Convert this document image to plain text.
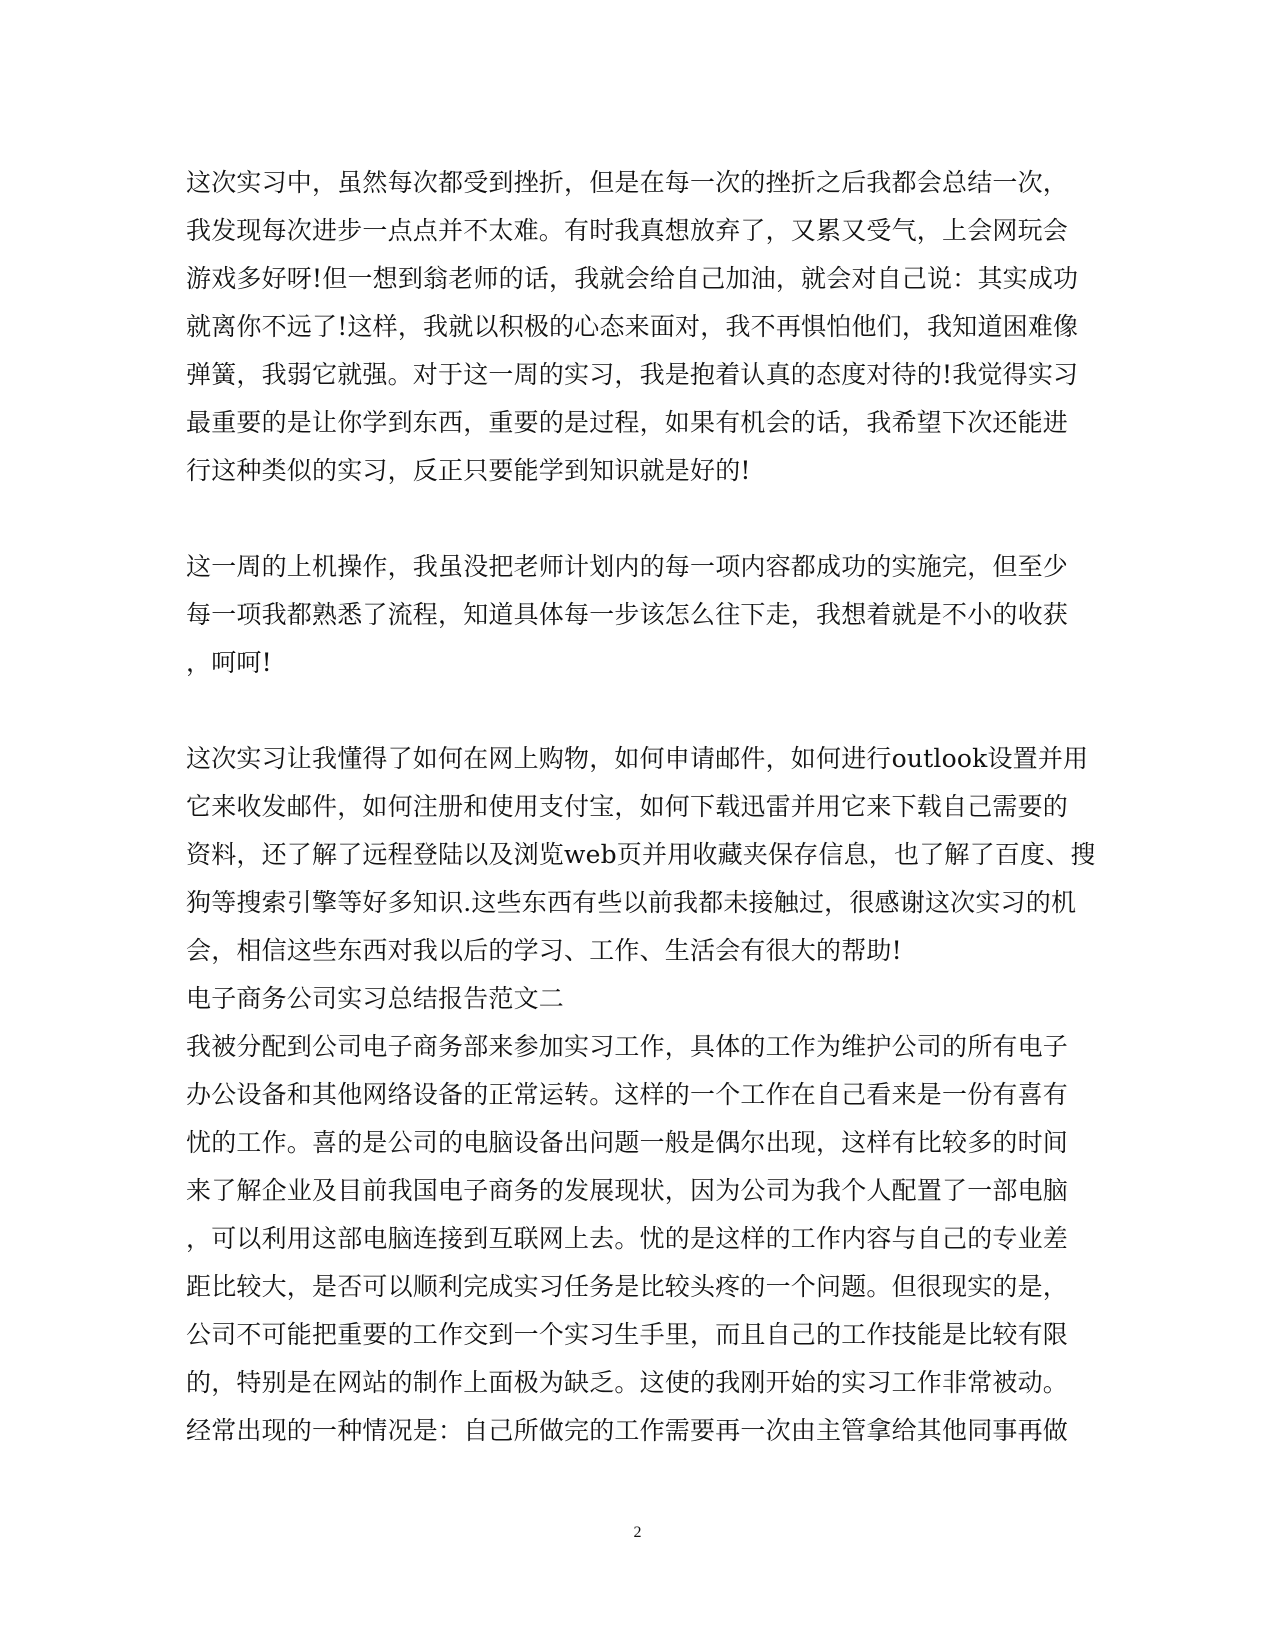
这次实习中，虽然每次都受到挫折，但是在每一次的挫折之后我都会总结一次，
我发现每次进步一点点并不太难。有时我真想放弃了，又累又受气，上会网玩会
游戏多好呀!但一想到翁老师的话，我就会给自己加油，就会对自己说：其实成功
就离你不远了!这样，我就以积极的心态来面对，我不再惧怕他们，我知道困难像
弹簧，我弱它就强。对于这一周的实习，我是抱着认真的态度对待的!我觉得实习
最重要的是让你学到东西，重要的是过程，如果有机会的话，我希望下次还能进
行这种类似的实习，反正只要能学到知识就是好的!
这一周的上机操作，我虽没把老师计划内的每一项内容都成功的实施完，但至少
每一项我都熟悉了流程，知道具体每一步该怎么往下走，我想着就是不小的收获
，呵呵!
这次实习让我懂得了如何在网上购物，如何申请邮件，如何进行outlook设置并用
它来收发邮件，如何注册和使用支付宝，如何下载迅雷并用它来下载自己需要的
资料，还了解了远程登陆以及浏览web页并用收藏夹保存信息，也了解了百度、搜
狗等搜索引擎等好多知识.这些东西有些以前我都未接触过，很感谢这次实习的机
会，相信这些东西对我以后的学习、工作、生活会有很大的帮助!
电子商务公司实习总结报告范文二
我被分配到公司电子商务部来参加实习工作，具体的工作为维护公司的所有电子
办公设备和其他网络设备的正常运转。这样的一个工作在自己看来是一份有喜有
忧的工作。喜的是公司的电脑设备出问题一般是偶尔出现，这样有比较多的时间
来了解企业及目前我国电子商务的发展现状，因为公司为我个人配置了一部电脑
，可以利用这部电脑连接到互联网上去。忧的是这样的工作内容与自己的专业差
距比较大，是否可以顺利完成实习任务是比较头疼的一个问题。但很现实的是，
公司不可能把重要的工作交到一个实习生手里，而且自己的工作技能是比较有限
的，特别是在网站的制作上面极为缺乏。这使的我刚开始的实习工作非常被动。
经常出现的一种情况是：自己所做完的工作需要再一次由主管拿给其他同事再做
2
